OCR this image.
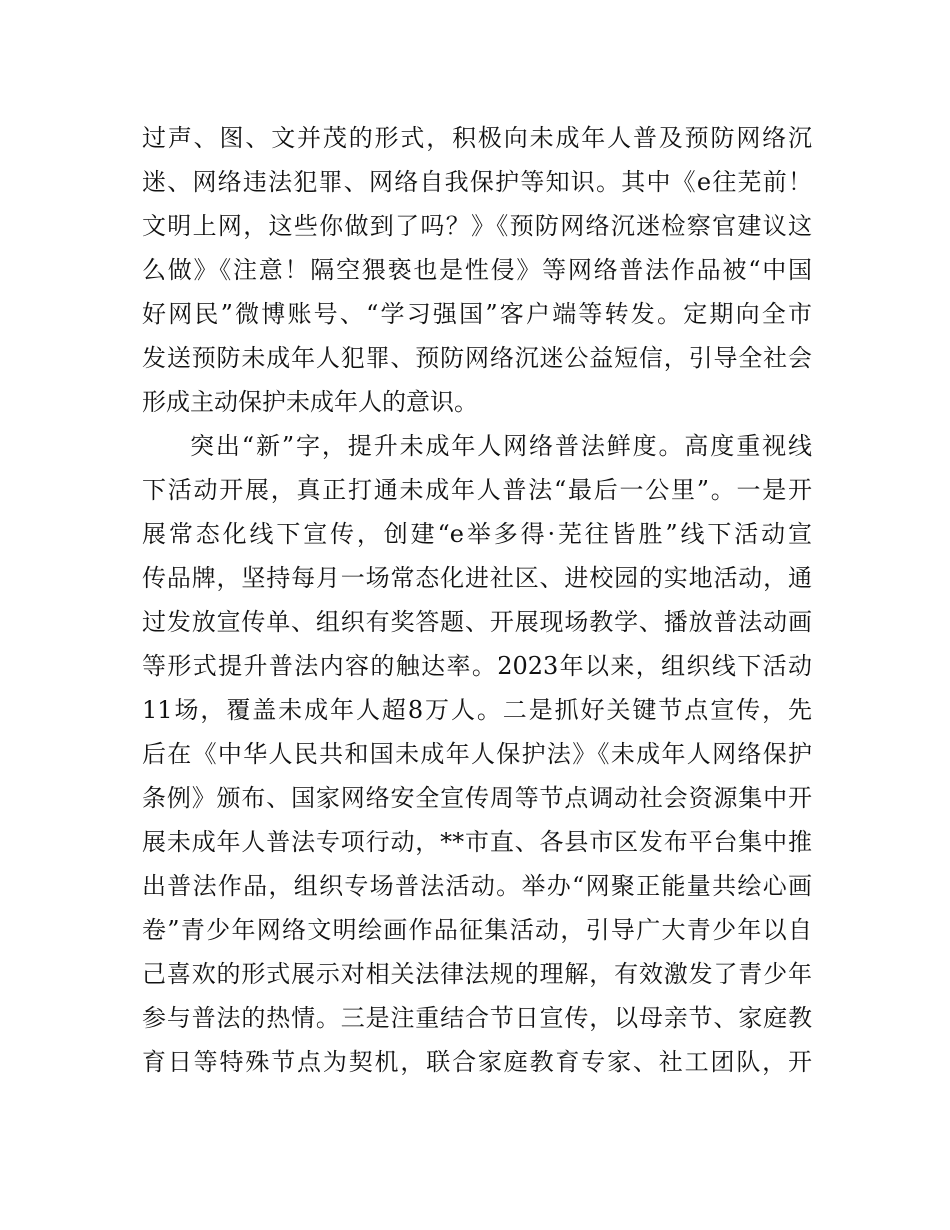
过声、图、文并茂的形式，积极向未成年人普及预防网络沉
迷、网络违法犯罪、网络自我保护等知识。其中《e往芜前！
文明上网，这些你做到了吗？》《预防网络沉迷检察官建议这
么做》《注意！隔空猥亵也是性侵》等网络普法作品被“中国
好网民”微博账号、“学习强国”客户端等转发。定期向全市
发送预防未成年人犯罪、预防网络沉迷公益短信，引导全社会
形成主动保护未成年人的意识。
突出“新”字，提升未成年人网络普法鲜度。高度重视线
下活动开展，真正打通未成年人普法“最后一公里”。一是开
展常态化线下宣传，创建“e举多得·芜往皆胜”线下活动宣
传品牌，坚持每月一场常态化进社区、进校园的实地活动，通
过发放宣传单、组织有奖答题、开展现场教学、播放普法动画
等形式提升普法内容的触达率。2023年以来，组织线下活动
11场，覆盖未成年人超8万人。二是抓好关键节点宣传，先
后在《中华人民共和国未成年人保护法》《未成年人网络保护
条例》颁布、国家网络安全宣传周等节点调动社会资源集中开
展未成年人普法专项行动，**市直、各县市区发布平台集中推
出普法作品，组织专场普法活动。举办“网聚正能量共绘心画
卷”青少年网络文明绘画作品征集活动，引导广大青少年以自
己喜欢的形式展示对相关法律法规的理解，有效激发了青少年
参与普法的热情。三是注重结合节日宣传，以母亲节、家庭教
育日等特殊节点为契机，联合家庭教育专家、社工团队，开
